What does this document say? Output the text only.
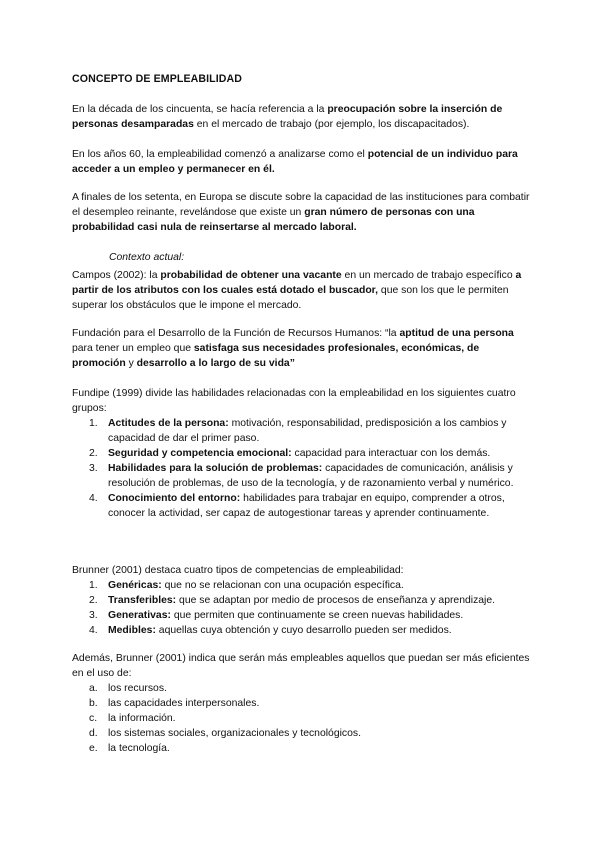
CONCEPTO DE EMPLEABILIDAD

En la década de los cincuenta, se hacía referencia a la preocupación sobre la inserción de personas desamparadas en el mercado de trabajo (por ejemplo, los discapacitados).

En los años 60, la empleabilidad comenzó a analizarse como el potencial de un individuo para acceder a un empleo y permanecer en él.

A finales de los setenta, en Europa se discute sobre la capacidad de las instituciones para combatir el desempleo reinante, revelándose que existe un gran número de personas con una probabilidad casi nula de reinsertarse al mercado laboral.

Contexto actual:

Campos (2002): la probabilidad de obtener una vacante en un mercado de trabajo específico a partir de los atributos con los cuales está dotado el buscador, que son los que le permiten superar los obstáculos que le impone el mercado.

Fundación para el Desarrollo de la Función de Recursos Humanos: “la aptitud de una persona para tener un empleo que satisfaga sus necesidades profesionales, económicas, de promoción y desarrollo a lo largo de su vida”

Fundipe (1999) divide las habilidades relacionadas con la empleabilidad en los siguientes cuatro grupos:

1. Actitudes de la persona: motivación, responsabilidad, predisposición a los cambios y capacidad de dar el primer paso.
2. Seguridad y competencia emocional: capacidad para interactuar con los demás.
3. Habilidades para la solución de problemas: capacidades de comunicación, análisis y resolución de problemas, de uso de la tecnología, y de razonamiento verbal y numérico.
4. Conocimiento del entorno: habilidades para trabajar en equipo, comprender a otros, conocer la actividad, ser capaz de autogestionar tareas y aprender continuamente.

Brunner (2001) destaca cuatro tipos de competencias de empleabilidad:

1. Genéricas: que no se relacionan con una ocupación específica.
2. Transferibles: que se adaptan por medio de procesos de enseñanza y aprendizaje.
3. Generativas: que permiten que continuamente se creen nuevas habilidades.
4. Medibles: aquellas cuya obtención y cuyo desarrollo pueden ser medidos.

Además, Brunner (2001) indica que serán más empleables aquellos que puedan ser más eficientes en el uso de:

a. los recursos.
b. las capacidades interpersonales.
c. la información.
d. los sistemas sociales, organizacionales y tecnológicos.
e. la tecnología.
